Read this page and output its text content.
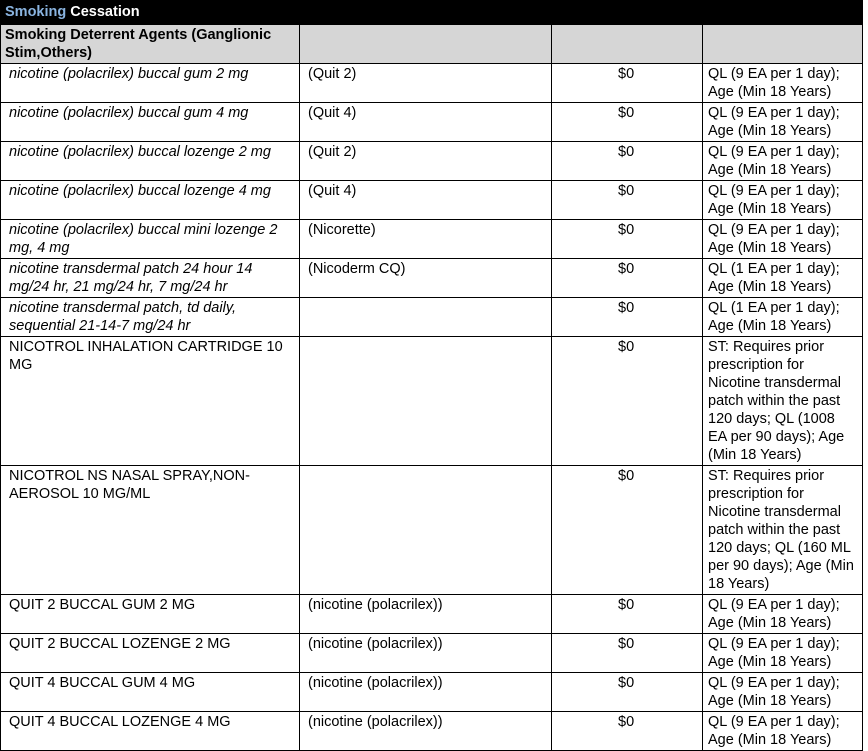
Smoking Cessation			
Smoking Deterrent Agents (Ganglionic Stim,Others)			
nicotine (polacrilex) buccal gum 2 mg	(Quit 2)	$0	QL (9 EA per 1 day); Age (Min 18 Years)
nicotine (polacrilex) buccal gum 4 mg	(Quit 4)	$0	QL (9 EA per 1 day); Age (Min 18 Years)
nicotine (polacrilex) buccal lozenge 2 mg	(Quit 2)	$0	QL (9 EA per 1 day); Age (Min 18 Years)
nicotine (polacrilex) buccal lozenge 4 mg	(Quit 4)	$0	QL (9 EA per 1 day); Age (Min 18 Years)
nicotine (polacrilex) buccal mini lozenge 2 mg, 4 mg	(Nicorette)	$0	QL (9 EA per 1 day); Age (Min 18 Years)
nicotine transdermal patch 24 hour 14 mg/24 hr, 21 mg/24 hr, 7 mg/24 hr	(Nicoderm CQ)	$0	QL (1 EA per 1 day); Age (Min 18 Years)
nicotine transdermal patch, td daily, sequential 21-14-7 mg/24 hr		$0	QL (1 EA per 1 day); Age (Min 18 Years)
NICOTROL INHALATION CARTRIDGE 10 MG		$0	ST: Requires prior prescription for Nicotine transdermal patch within the past 120 days; QL (1008 EA per 90 days); Age (Min 18 Years)
NICOTROL NS NASAL SPRAY,NON-AEROSOL 10 MG/ML		$0	ST: Requires prior prescription for Nicotine transdermal patch within the past 120 days; QL (160 ML per 90 days); Age (Min 18 Years)
QUIT 2 BUCCAL GUM 2 MG	(nicotine (polacrilex))	$0	QL (9 EA per 1 day); Age (Min 18 Years)
QUIT 2 BUCCAL LOZENGE 2 MG	(nicotine (polacrilex))	$0	QL (9 EA per 1 day); Age (Min 18 Years)
QUIT 4 BUCCAL GUM 4 MG	(nicotine (polacrilex))	$0	QL (9 EA per 1 day); Age (Min 18 Years)
QUIT 4 BUCCAL LOZENGE 4 MG	(nicotine (polacrilex))	$0	QL (9 EA per 1 day); Age (Min 18 Years)
